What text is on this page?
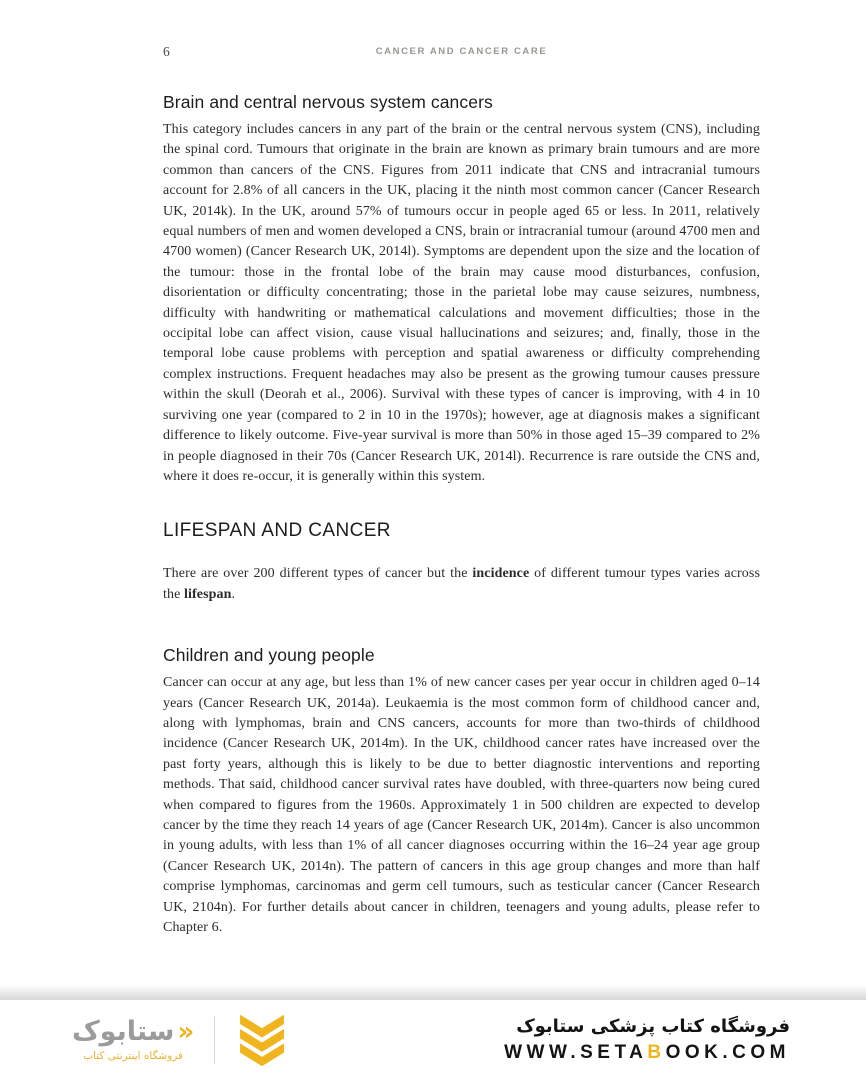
6	CANCER AND CANCER CARE
Brain and central nervous system cancers

This category includes cancers in any part of the brain or the central nervous system (CNS), including the spinal cord. Tumours that originate in the brain are known as primary brain tumours and are more common than cancers of the CNS. Figures from 2011 indicate that CNS and intracranial tumours account for 2.8% of all cancers in the UK, placing it the ninth most common cancer (Cancer Research UK, 2014k). In the UK, around 57% of tumours occur in people aged 65 or less. In 2011, relatively equal numbers of men and women developed a CNS, brain or intracranial tumour (around 4700 men and 4700 women) (Cancer Research UK, 2014l). Symptoms are dependent upon the size and the location of the tumour: those in the frontal lobe of the brain may cause mood disturbances, confusion, disorientation or difficulty concentrating; those in the parietal lobe may cause seizures, numbness, difficulty with handwriting or mathematical calculations and movement difficulties; those in the occipital lobe can affect vision, cause visual hallucinations and seizures; and, finally, those in the temporal lobe cause problems with perception and spatial awareness or difficulty comprehending complex instructions. Frequent headaches may also be present as the growing tumour causes pressure within the skull (Deorah et al., 2006). Survival with these types of cancer is improving, with 4 in 10 surviving one year (compared to 2 in 10 in the 1970s); however, age at diagnosis makes a significant difference to likely outcome. Five-year survival is more than 50% in those aged 15–39 compared to 2% in people diagnosed in their 70s (Cancer Research UK, 2014l). Recurrence is rare outside the CNS and, where it does re-occur, it is generally within this system.

LIFESPAN AND CANCER

There are over 200 different types of cancer but the incidence of different tumour types varies across the lifespan.

Children and young people

Cancer can occur at any age, but less than 1% of new cancer cases per year occur in children aged 0–14 years (Cancer Research UK, 2014a). Leukaemia is the most common form of childhood cancer and, along with lymphomas, brain and CNS cancers, accounts for more than two-thirds of childhood incidence (Cancer Research UK, 2014m). In the UK, childhood cancer rates have increased over the past forty years, although this is likely to be due to better diagnostic interventions and reporting methods. That said, childhood cancer survival rates have doubled, with three-quarters now being cured when compared to figures from the 1960s. Approximately 1 in 500 children are expected to develop cancer by the time they reach 14 years of age (Cancer Research UK, 2014m). Cancer is also uncommon in young adults, with less than 1% of all cancer diagnoses occurring within the 16–24 year age group (Cancer Research UK, 2014n). The pattern of cancers in this age group changes and more than half comprise lymphomas, carcinomas and germ cell tumours, such as testicular cancer (Cancer Research UK, 2104n). For further details about cancer in children, teenagers and young adults, please refer to Chapter 6.

«
ستابوک
فروشگاه اینترنتی کتاب
فروشگاه کتاب پزشکی ستابوک
WWW.SETABOOK.COM
